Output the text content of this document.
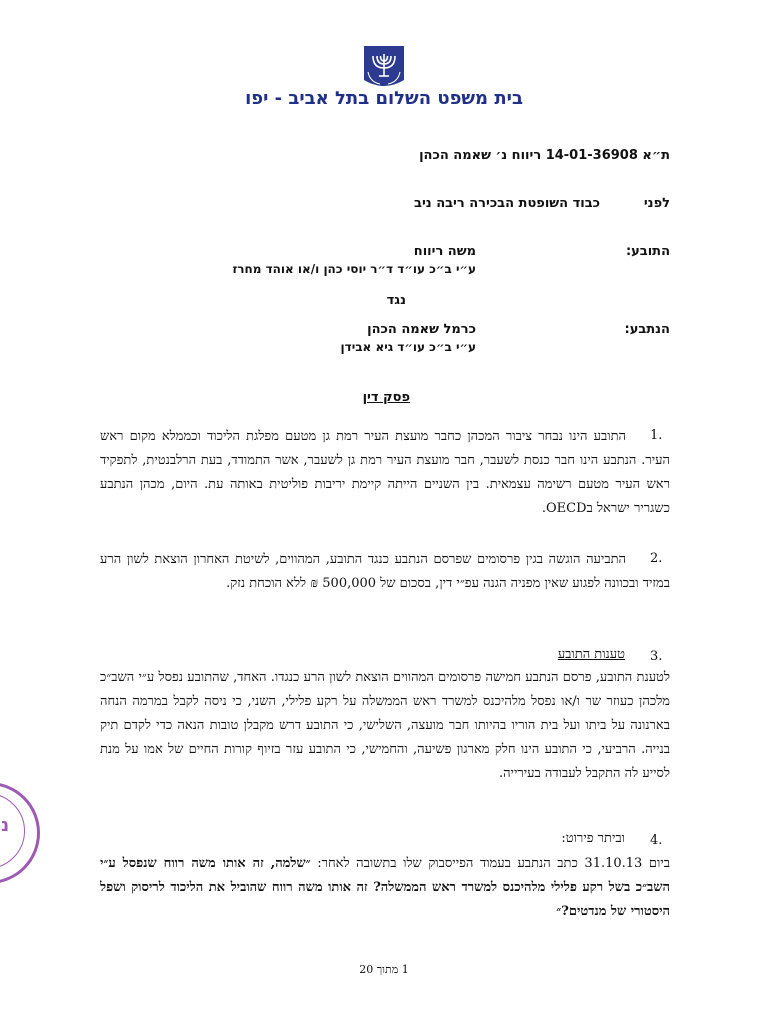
בית משפט השלום בתל אביב - יפו
ת״א 14-01-36908 ריווח נ׳ שאמה הכהן
לפני
כבוד השופטת הבכירה ריבה ניב
התובע:
משה ריווח
ע״י ב״כ עו״ד ד״ר יוסי כהן ו/או אוהד מחרז
נגד
הנתבע:
כרמל שאמה הכהן
ע״י ב״כ עו״ד גיא אבידן
פסק דין
1.
התובע הינו נבחר ציבור המכהן כחבר מועצת העיר רמת גן מטעם מפלגת הליכוד וכממלא מקום ראש העיר. הנתבע הינו חבר כנסת לשעבר, חבר מועצת העיר רמת גן לשעבר, אשר התמודד, בעת הרלבנטית, לתפקיד ראש העיר מטעם רשימה עצמאית. בין השניים הייתה קיימת יריבות פוליטית באותה עת. היום, מכהן הנתבע כשגריר ישראל בOECD.
2.
התביעה הוגשה בגין פרסומים שפרסם הנתבע כנגד התובע, המהווים, לשיטת האחרון הוצאת לשון הרע במזיד ובכוונה לפגוע שאין מפניה הגנה עפ״י דין, בסכום של 500,000 ₪ ללא הוכחת נזק.
3.
טענות התובע
לטענת התובע, פרסם הנתבע חמישה פרסומים המהווים הוצאת לשון הרע כנגדו. האחד, שהתובע נפסל ע״י השב״כ מלכהן כעוזר שר ו/או נפסל מלהיכנס למשרד ראש הממשלה על רקע פלילי, השני, כי ניסה לקבל במרמה הנחה בארנונה על ביתו ועל בית הוריו בהיותו חבר מועצה, השלישי, כי התובע דרש מקבלן טובות הנאה כדי לקדם תיק בנייה. הרביעי, כי התובע הינו חלק מארגון פשיעה, והחמישי, כי התובע עזר בזיוף קורות החיים של אמו על מנת לסייע לה התקבל לעבודה בעירייה.
4.
וביתר פירוט:
ביום 31.10.13 כתב הנתבע בעמוד הפייסבוק שלו בתשובה לאחר: ״שלמה, זה אותו משה רווח שנפסל ע״י השב״כ בשל רקע פלילי מלהיכנס למשרד ראש הממשלה? זה אותו משה רווח שהוביל את הליכוד לריסוק ושפל היסטורי של מנדטים?״
1 מתוך 20
נ
